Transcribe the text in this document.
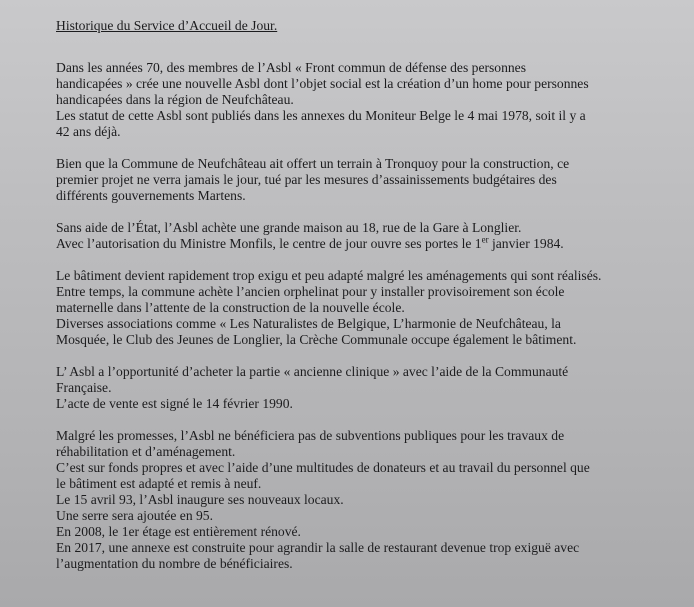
Historique du Service d’Accueil de Jour.
Dans les années 70, des membres de l’Asbl « Front commun de défense des personnes
handicapées » crée une nouvelle Asbl dont l’objet social est la création d’un home pour personnes
handicapées dans la région de Neufchâteau.
Les statut de cette Asbl sont publiés dans les annexes du Moniteur Belge le 4 mai 1978, soit il y a
42 ans déjà.
Bien que la Commune de Neufchâteau ait offert un terrain à Tronquoy pour la construction, ce
premier projet ne verra jamais le jour, tué par les mesures d’assainissements budgétaires des
différents gouvernements Martens.
Sans aide de l’État, l’Asbl achète une grande maison au 18, rue de la Gare à Longlier.
Avec l’autorisation du Ministre Monfils, le centre de jour ouvre ses portes le 1er janvier 1984.
Le bâtiment devient rapidement trop exigu et peu adapté malgré les aménagements qui sont réalisés.
Entre temps, la commune achète l’ancien orphelinat pour y installer provisoirement son école
maternelle dans l’attente de la construction de la nouvelle école.
Diverses associations comme « Les Naturalistes de Belgique, L’harmonie de Neufchâteau, la
Mosquée, le Club des Jeunes de Longlier, la Crèche Communale occupe également le bâtiment.
L’ Asbl a l’opportunité d’acheter la partie « ancienne clinique » avec l’aide de la Communauté
Française.
L’acte de vente est signé le 14 février 1990.
Malgré les promesses, l’Asbl ne bénéficiera pas de subventions publiques pour les travaux de
réhabilitation et d’aménagement.
C’est sur fonds propres et avec l’aide d’une multitudes de donateurs et au travail du personnel que
le bâtiment est adapté et remis à neuf.
Le 15 avril 93, l’Asbl inaugure ses nouveaux locaux.
Une serre sera ajoutée en 95.
En 2008, le 1er étage est entièrement rénové.
En 2017, une annexe est construite pour agrandir la salle de restaurant devenue trop exiguë avec
l’augmentation du nombre de bénéficiaires.
